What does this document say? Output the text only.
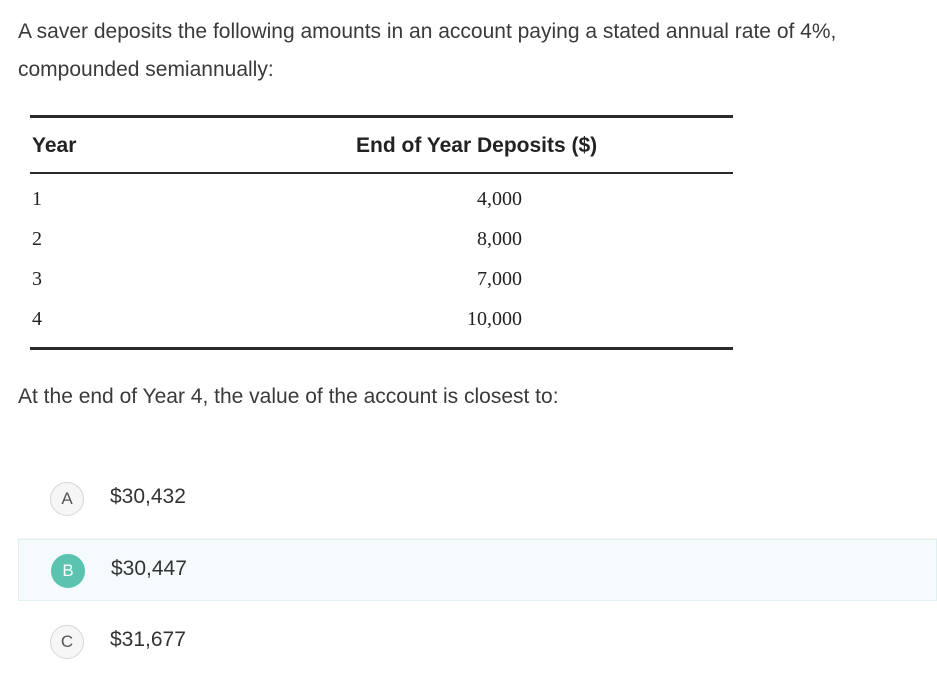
A saver deposits the following amounts in an account paying a stated annual rate of 4%, compounded semiannually:
Year	End of Year Deposits ($)
1	4,000
2	8,000
3	7,000
4	10,000
At the end of Year 4, the value of the account is closest to:
A	$30,432
B	$30,447
C	$31,677
